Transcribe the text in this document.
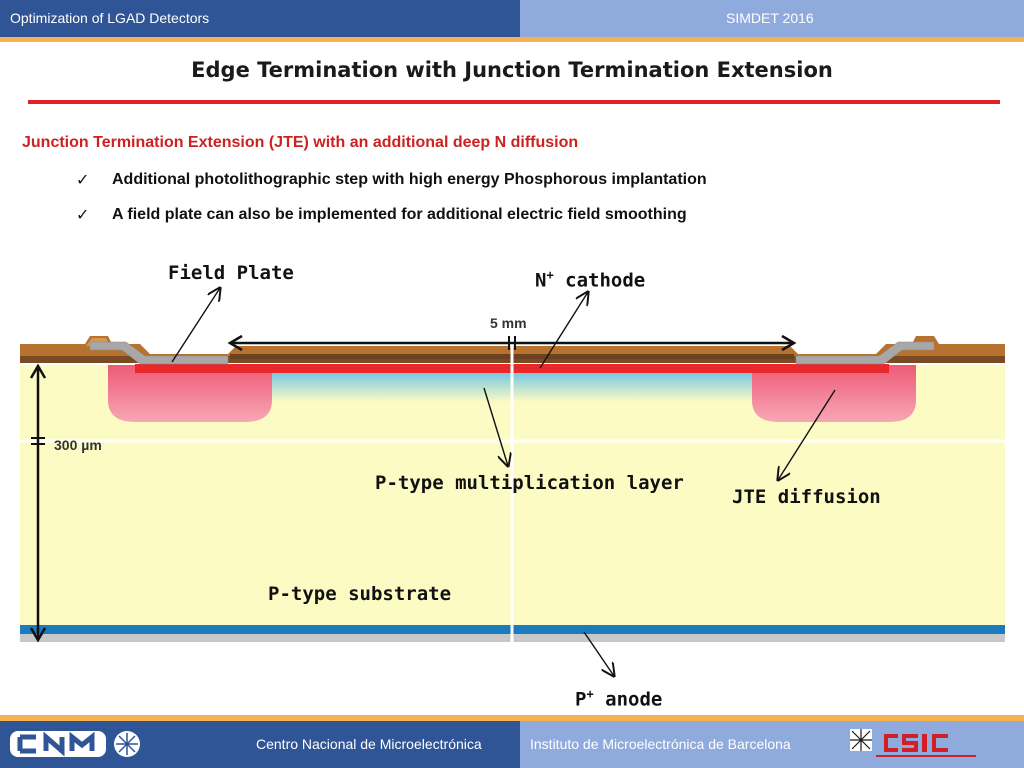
Optimization of LGAD Detectors	SIMDET 2016
Edge Termination with Junction Termination Extension
Junction Termination Extension (JTE) with an additional deep N diffusion
✓ Additional photolithographic step with high energy Phosphorous implantation
✓ A field plate can also be implemented for additional electric field smoothing
Field Plate	N+ cathode
5 mm
300 µm
P-type multiplication layer
JTE diffusion
P-type substrate
P+ anode
CNM
Centro Nacional de Microelectrónica	Instituto de Microelectrónica de Barcelona
CSIC
